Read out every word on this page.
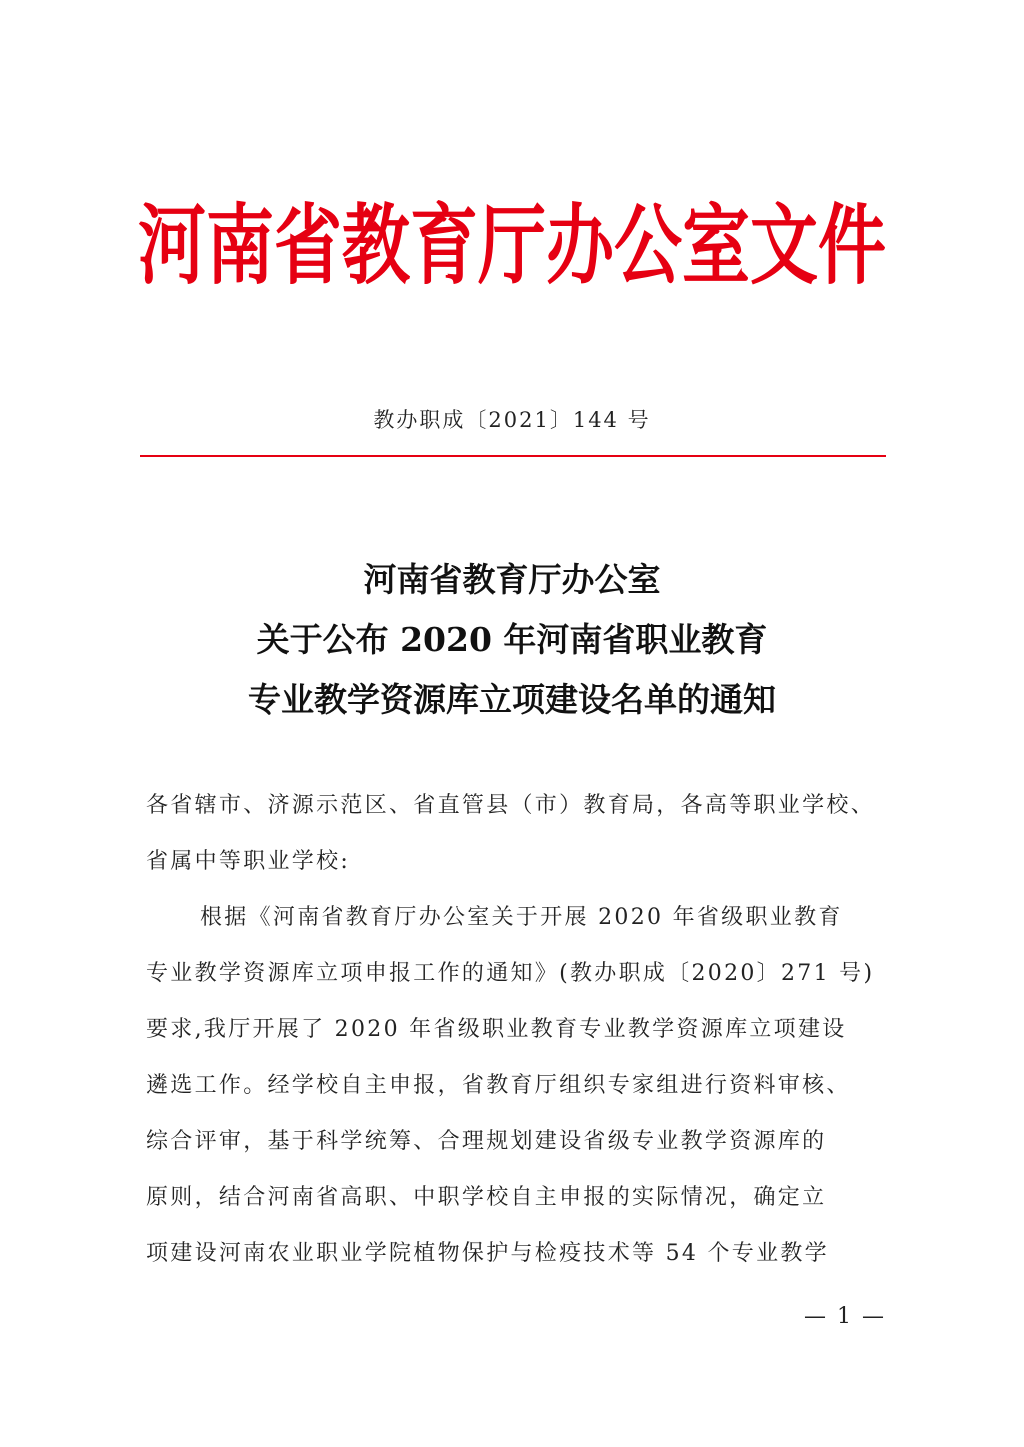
河南省教育厅办公室文件
教办职成〔2021〕144 号
河南省教育厅办公室
关于公布 2020 年河南省职业教育
专业教学资源库立项建设名单的通知
各省辖市、济源示范区、省直管县（市）教育局，各高等职业学校、
省属中等职业学校:
根据《河南省教育厅办公室关于开展 2020 年省级职业教育
专业教学资源库立项申报工作的通知》(教办职成〔2020〕271 号)
要求,我厅开展了 2020 年省级职业教育专业教学资源库立项建设
遴选工作。经学校自主申报，省教育厅组织专家组进行资料审核、
综合评审，基于科学统筹、合理规划建设省级专业教学资源库的
原则，结合河南省高职、中职学校自主申报的实际情况，确定立
项建设河南农业职业学院植物保护与检疫技术等 54 个专业教学
— 1 —
